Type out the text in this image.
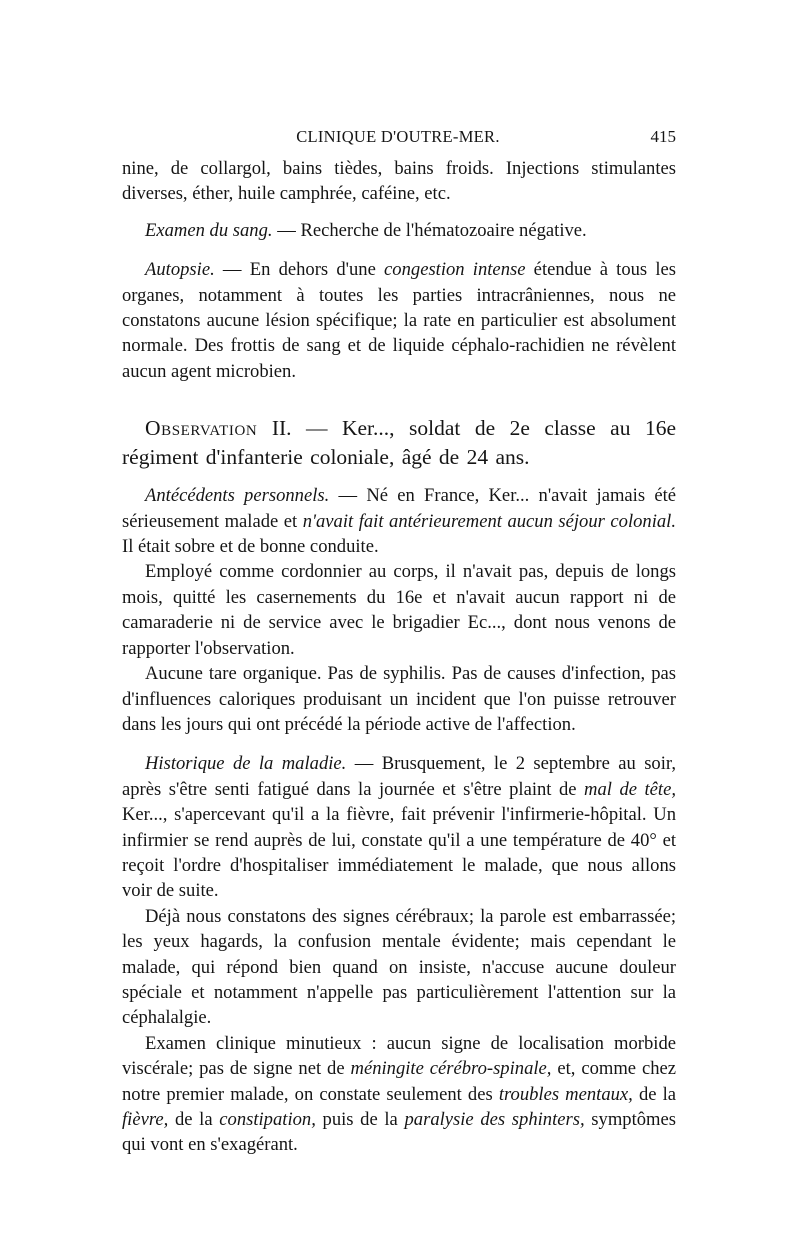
CLINIQUE D'OUTRE-MER.	415

nine, de collargol, bains tièdes, bains froids. Injections stimulantes diverses, éther, huile camphrée, caféine, etc.

Examen du sang. — Recherche de l'hématozoaire négative.

Autopsie. — En dehors d'une congestion intense étendue à tous les organes, notamment à toutes les parties intracrâniennes, nous ne constatons aucune lésion spécifique; la rate en particulier est absolument normale. Des frottis de sang et de liquide céphalo-rachidien ne révèlent aucun agent microbien.

Observation II. — Ker..., soldat de 2e classe au 16e régiment d'infanterie coloniale, âgé de 24 ans.

Antécédents personnels. — Né en France, Ker... n'avait jamais été sérieusement malade et n'avait fait antérieurement aucun séjour colonial. Il était sobre et de bonne conduite.

Employé comme cordonnier au corps, il n'avait pas, depuis de longs mois, quitté les casernements du 16e et n'avait aucun rapport ni de camaraderie ni de service avec le brigadier Ec..., dont nous venons de rapporter l'observation.

Aucune tare organique. Pas de syphilis. Pas de causes d'infection, pas d'influences caloriques produisant un incident que l'on puisse retrouver dans les jours qui ont précédé la période active de l'affection.

Historique de la maladie. — Brusquement, le 2 septembre au soir, après s'être senti fatigué dans la journée et s'être plaint de mal de tête, Ker..., s'apercevant qu'il a la fièvre, fait prévenir l'infirmerie-hôpital. Un infirmier se rend auprès de lui, constate qu'il a une température de 40° et reçoit l'ordre d'hospitaliser immédiatement le malade, que nous allons voir de suite.

Déjà nous constatons des signes cérébraux; la parole est embarrassée; les yeux hagards, la confusion mentale évidente; mais cependant le malade, qui répond bien quand on insiste, n'accuse aucune douleur spéciale et notamment n'appelle pas particulièrement l'attention sur la céphalalgie.

Examen clinique minutieux : aucun signe de localisation morbide viscérale; pas de signe net de méningite cérébro-spinale, et, comme chez notre premier malade, on constate seulement des troubles mentaux, de la fièvre, de la constipation, puis de la paralysie des sphinters, symptômes qui vont en s'exagérant.
